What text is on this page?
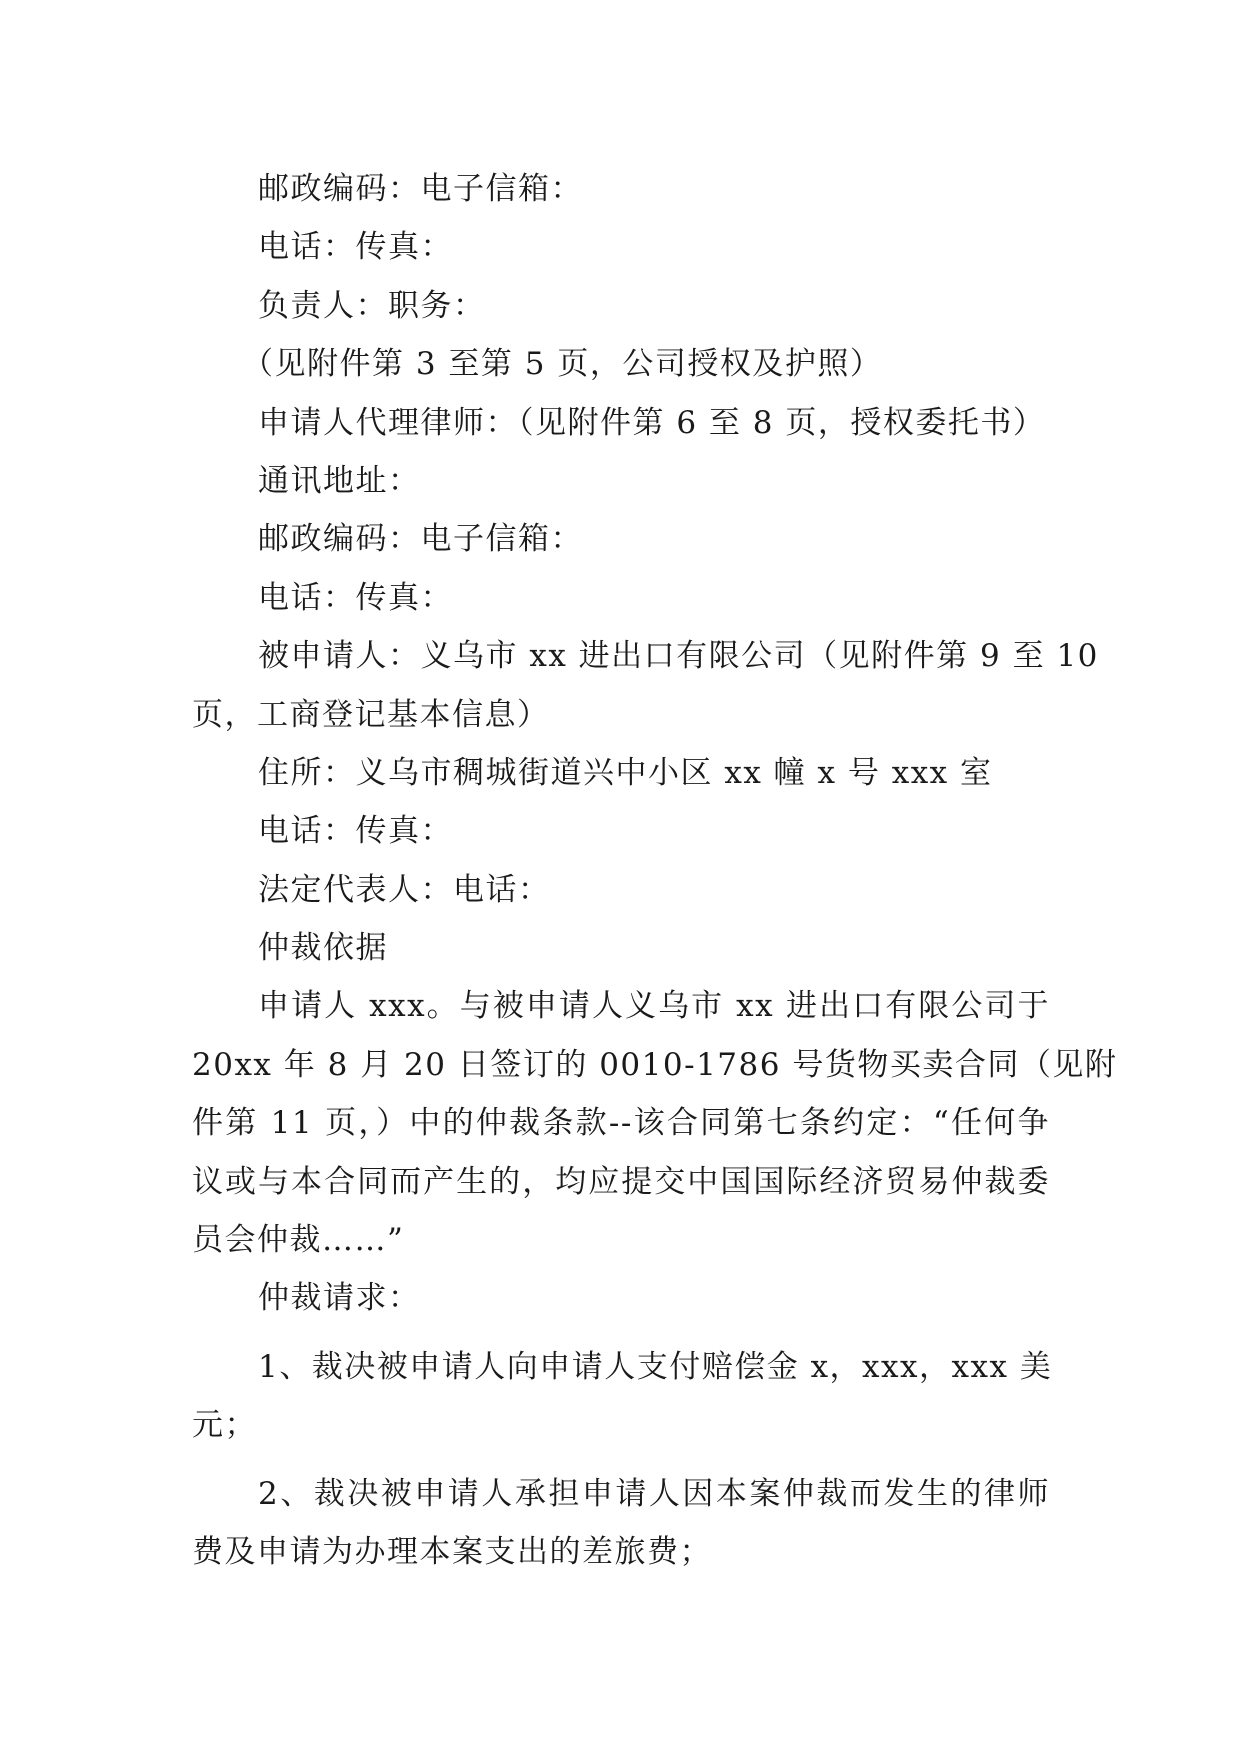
邮政编码：电子信箱：
电话：传真：
负责人：职务：
（见附件第 3 至第 5 页，公司授权及护照）
申请人代理律师：（见附件第 6 至 8 页，授权委托书）
通讯地址：
邮政编码：电子信箱：
电话：传真：
被申请人：义乌市 xx 进出口有限公司（见附件第 9 至 10
页，工商登记基本信息）
住所：义乌市稠城街道兴中小区 xx 幢 x 号 xxx 室
电话：传真：
法定代表人：电话：
仲裁依据
申请人 xxx。与被申请人义乌市 xx 进出口有限公司于
20xx 年 8 月 20 日签订的 0010-1786 号货物买卖合同（见附
件第 11 页，）中的仲裁条款--该合同第七条约定：“任何争
议或与本合同而产生的，均应提交中国国际经济贸易仲裁委
员会仲裁……”
仲裁请求：
1、裁决被申请人向申请人支付赔偿金 x，xxx，xxx 美
元；
2、裁决被申请人承担申请人因本案仲裁而发生的律师
费及申请为办理本案支出的差旅费；
